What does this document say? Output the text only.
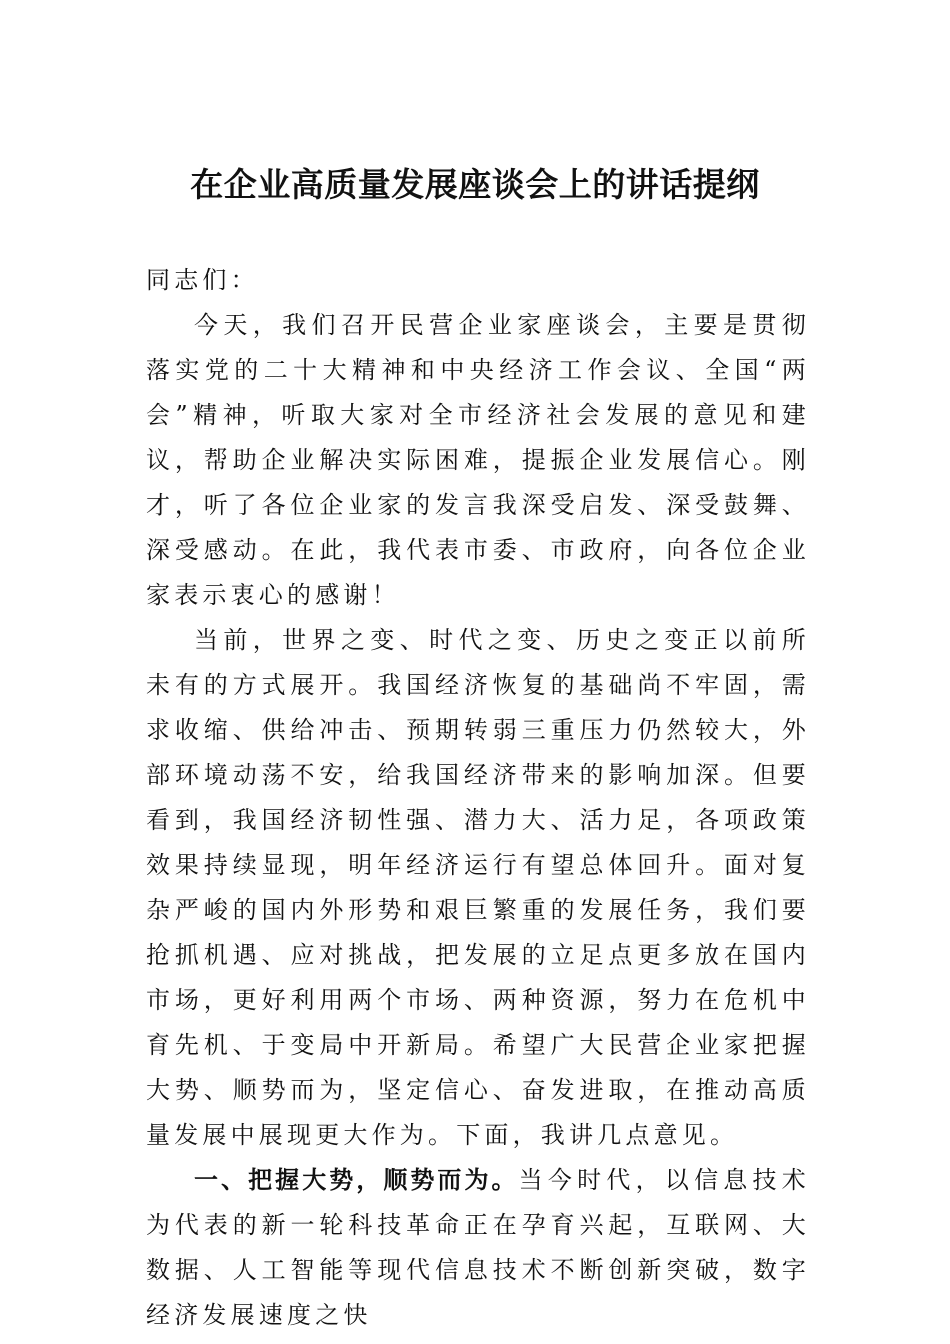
在企业高质量发展座谈会上的讲话提纲

同志们：

今天，我们召开民营企业家座谈会，主要是贯彻落实党的二十大精神和中央经济工作会议、全国“两会”精神，听取大家对全市经济社会发展的意见和建议，帮助企业解决实际困难，提振企业发展信心。刚才，听了各位企业家的发言我深受启发、深受鼓舞、深受感动。在此，我代表市委、市政府，向各位企业家表示衷心的感谢！

当前，世界之变、时代之变、历史之变正以前所未有的方式展开。我国经济恢复的基础尚不牢固，需求收缩、供给冲击、预期转弱三重压力仍然较大，外部环境动荡不安，给我国经济带来的影响加深。但要看到，我国经济韧性强、潜力大、活力足，各项政策效果持续显现，明年经济运行有望总体回升。面对复杂严峻的国内外形势和艰巨繁重的发展任务，我们要抢抓机遇、应对挑战，把发展的立足点更多放在国内市场，更好利用两个市场、两种资源，努力在危机中育先机、于变局中开新局。希望广大民营企业家把握大势、顺势而为，坚定信心、奋发进取，在推动高质量发展中展现更大作为。下面，我讲几点意见。

一、把握大势，顺势而为。当今时代，以信息技术为代表的新一轮科技革命正在孕育兴起，互联网、大数据、人工智能等现代信息技术不断创新突破，数字经济发展速度之快
